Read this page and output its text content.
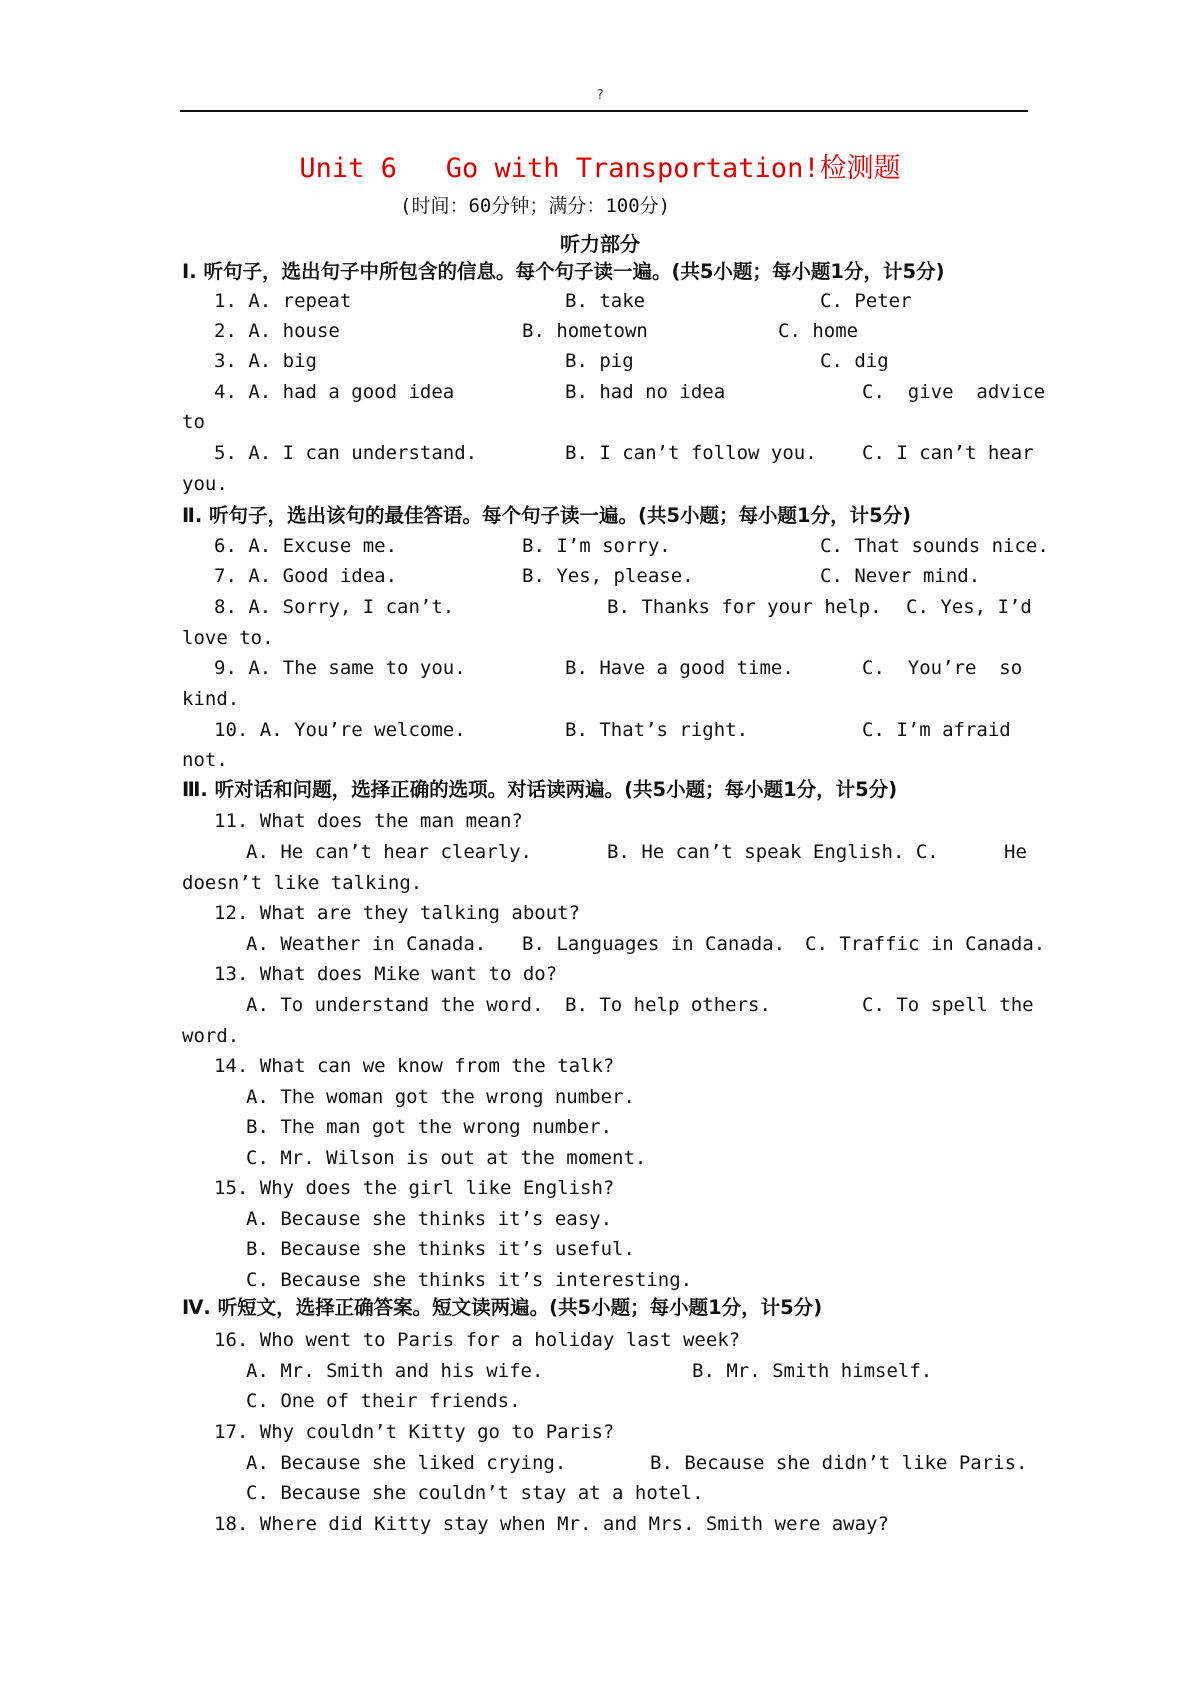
?
Unit 6   Go with Transportation!检测题
(时间：60分钟；满分：100分)
听力部分
Ⅰ. 听句子，选出句子中所包含的信息。每个句子读一遍。(共5小题；每小题1分，计5分)
Ⅱ. 听句子，选出该句的最佳答语。每个句子读一遍。(共5小题；每小题1分，计5分)
Ⅲ. 听对话和问题，选择正确的选项。对话读两遍。(共5小题；每小题1分，计5分)
Ⅳ. 听短文，选择正确答案。短文读两遍。(共5小题；每小题1分，计5分)
1. A. repeat	B. take	C. Peter
2. A. house	B. hometown	C. home
3. A. big	B. pig	C. dig
4. A. had a good idea	B. had no idea	C.  give  advice
to
5. A. I can understand.	B. I can’t follow you. C. I can’t hear
you.
6. A. Excuse me.	B. I’m sorry.	C. That sounds nice.
7. A. Good idea.	B. Yes, please.	C. Never mind.
8. A. Sorry, I can’t.	B. Thanks for your help. C. Yes, I’d
love to.
9. A. The same to you.	B. Have a good time.	C.  You’re  so
kind.
10. A. You’re welcome.	B. That’s right.	C. I’m afraid
not.
11. What does the man mean?
A. He can’t hear clearly.	B. He can’t speak English. C.	He
doesn’t like talking.
12. What are they talking about?
A. Weather in Canada. B. Languages in Canada. C. Traffic in Canada.
13. What does Mike want to do?
A. To understand the word. B. To help others.	C. To spell the
word.
14. What can we know from the talk?
A. The woman got the wrong number.
B. The man got the wrong number.
C. Mr. Wilson is out at the moment.
15. Why does the girl like English?
A. Because she thinks it’s easy.
B. Because she thinks it’s useful.
C. Because she thinks it’s interesting.
16. Who went to Paris for a holiday last week?
A. Mr. Smith and his wife.	B. Mr. Smith himself.
C. One of their friends.
17. Why couldn’t Kitty go to Paris?
A. Because she liked crying.	B. Because she didn’t like Paris.
C. Because she couldn’t stay at a hotel.
18. Where did Kitty stay when Mr. and Mrs. Smith were away?
